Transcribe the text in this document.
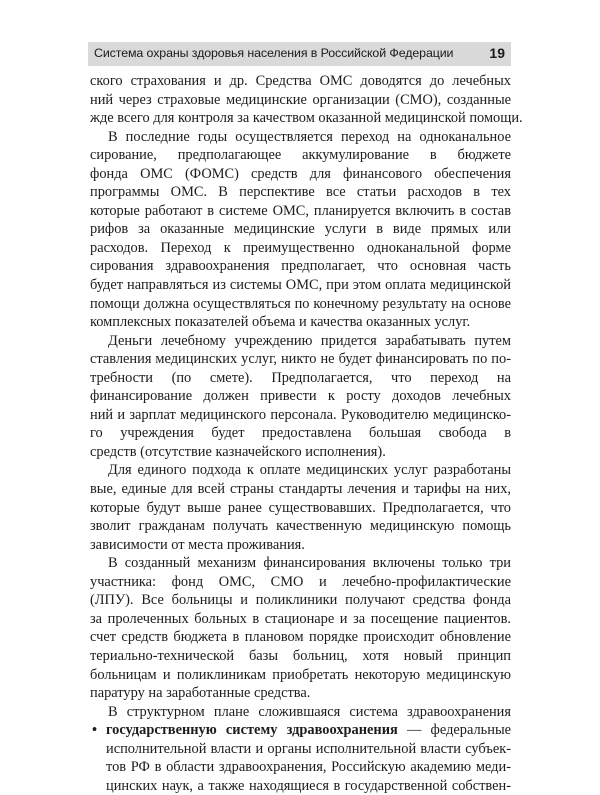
Система охраны здоровья населения в Российской Федерации	19
ского страхования и др. Средства ОМС доводятся до лечебных
ний через страховые медицинские организации (СМО), созданные
жде всего для контроля за качеством оказанной медицинской помощи.
В последние годы осуществляется переход на одноканальное
сирование, предполагающее аккумулирование в бюджете
фонда ОМС (ФОМС) средств для финансового обеспечения
программы ОМС. В перспективе все статьи расходов в тех
которые работают в системе ОМС, планируется включить в состав
рифов за оказанные медицинские услуги в виде прямых или
расходов. Переход к преимущественно одноканальной форме
сирования здравоохранения предполагает, что основная часть
будет направляться из системы ОМС, при этом оплата медицинской
помощи должна осуществляться по конечному результату на основе
комплексных показателей объема и качества оказанных услуг.
Деньги лечебному учреждению придется зарабатывать путем
ставления медицинских услуг, никто не будет финансировать по по-
требности (по смете). Предполагается, что переход на
финансирование должен привести к росту доходов лечебных
ний и зарплат медицинского персонала. Руководителю медицинско-
го учреждения будет предоставлена большая свобода в
средств (отсутствие казначейского исполнения).
Для единого подхода к оплате медицинских услуг разработаны
вые, единые для всей страны стандарты лечения и тарифы на них,
которые будут выше ранее существовавших. Предполагается, что
зволит гражданам получать качественную медицинскую помощь
зависимости от места проживания.
В созданный механизм финансирования включены только три
участника: фонд ОМС, СМО и лечебно-профилактические
(ЛПУ). Все больницы и поликлиники получают средства фонда
за пролеченных больных в стационаре и за посещение пациентов.
счет средств бюджета в плановом порядке происходит обновление
териально-технической базы больниц, хотя новый принцип
больницам и поликлиникам приобретать некоторую медицинскую
паратуру на заработанные средства.
В структурном плане сложившаяся система здравоохранения
• государственную систему здравоохранения — федеральные
исполнительной власти и органы исполнительной власти субъек-
тов РФ в области здравоохранения, Российскую академию меди-
цинских наук, а также находящиеся в государственной собствен-
